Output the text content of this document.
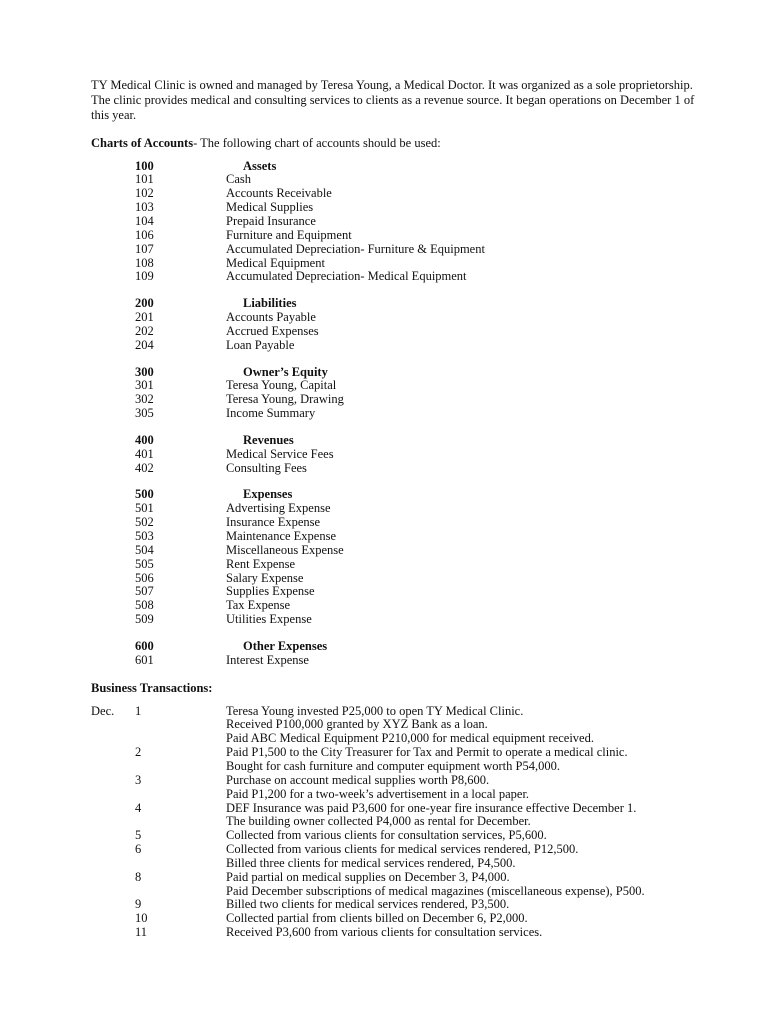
TY Medical Clinic is owned and managed by Teresa Young, a Medical Doctor. It was organized as a sole proprietorship. The clinic provides medical and consulting services to clients as a revenue source. It began operations on December 1 of this year.

Charts of Accounts- The following chart of accounts should be used:
100	Assets
101	Cash
102	Accounts Receivable
103	Medical Supplies
104	Prepaid Insurance
106	Furniture and Equipment
107	Accumulated Depreciation- Furniture & Equipment
108	Medical Equipment
109	Accumulated Depreciation- Medical Equipment
200	Liabilities
201	Accounts Payable
202	Accrued Expenses
204	Loan Payable
300	Owner’s Equity
301	Teresa Young, Capital
302	Teresa Young, Drawing
305	Income Summary
400	Revenues
401	Medical Service Fees
402	Consulting Fees
500	Expenses
501	Advertising Expense
502	Insurance Expense
503	Maintenance Expense
504	Miscellaneous Expense
505	Rent Expense
506	Salary Expense
507	Supplies Expense
508	Tax Expense
509	Utilities Expense
600	Other Expenses
601	Interest Expense
Business Transactions:
Dec. 1	Teresa Young invested P25,000 to open TY Medical Clinic.
Received P100,000 granted by XYZ Bank as a loan.
Paid ABC Medical Equipment P210,000 for medical equipment received.
2	Paid P1,500 to the City Treasurer for Tax and Permit to operate a medical clinic.
Bought for cash furniture and computer equipment worth P54,000.
3	Purchase on account medical supplies worth P8,600.
Paid P1,200 for a two-week’s advertisement in a local paper.
4	DEF Insurance was paid P3,600 for one-year fire insurance effective December 1.
The building owner collected P4,000 as rental for December.
5	Collected from various clients for consultation services, P5,600.
6	Collected from various clients for medical services rendered, P12,500.
Billed three clients for medical services rendered, P4,500.
8	Paid partial on medical supplies on December 3, P4,000.
Paid December subscriptions of medical magazines (miscellaneous expense), P500.
9	Billed two clients for medical services rendered, P3,500.
10	Collected partial from clients billed on December 6, P2,000.
11	Received P3,600 from various clients for consultation services.
